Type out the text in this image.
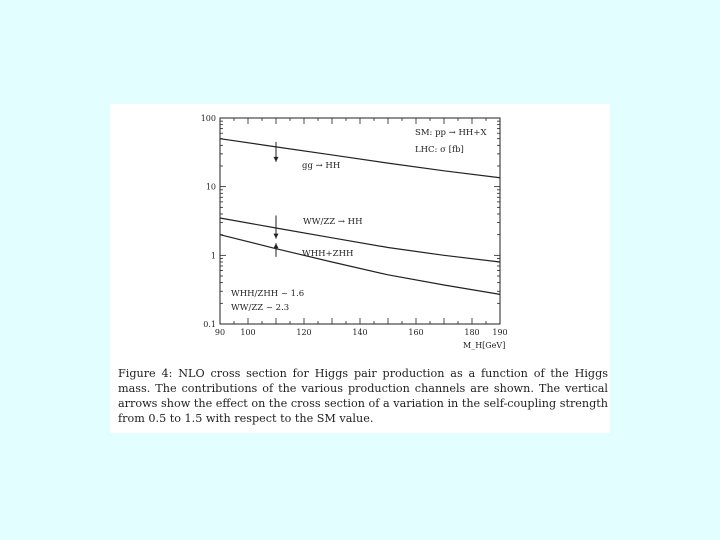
90 100	120	140	160	180 190
0.1
1
10
100
SM: pp → HH+X
LHC: σ [fb]
gg → HH
WW/ZZ → HH
WHH+ZHH
WHH/ZHH ~ 1.6
WW/ZZ ~ 2.3
M_H[GeV]
Figure 4: NLO cross section for Higgs pair production as a function of the Higgs mass. The contributions of the various production channels are shown. The vertical arrows show the effect on the cross section of a variation in the self-coupling strength from 0.5 to 1.5 with respect to the SM value.
